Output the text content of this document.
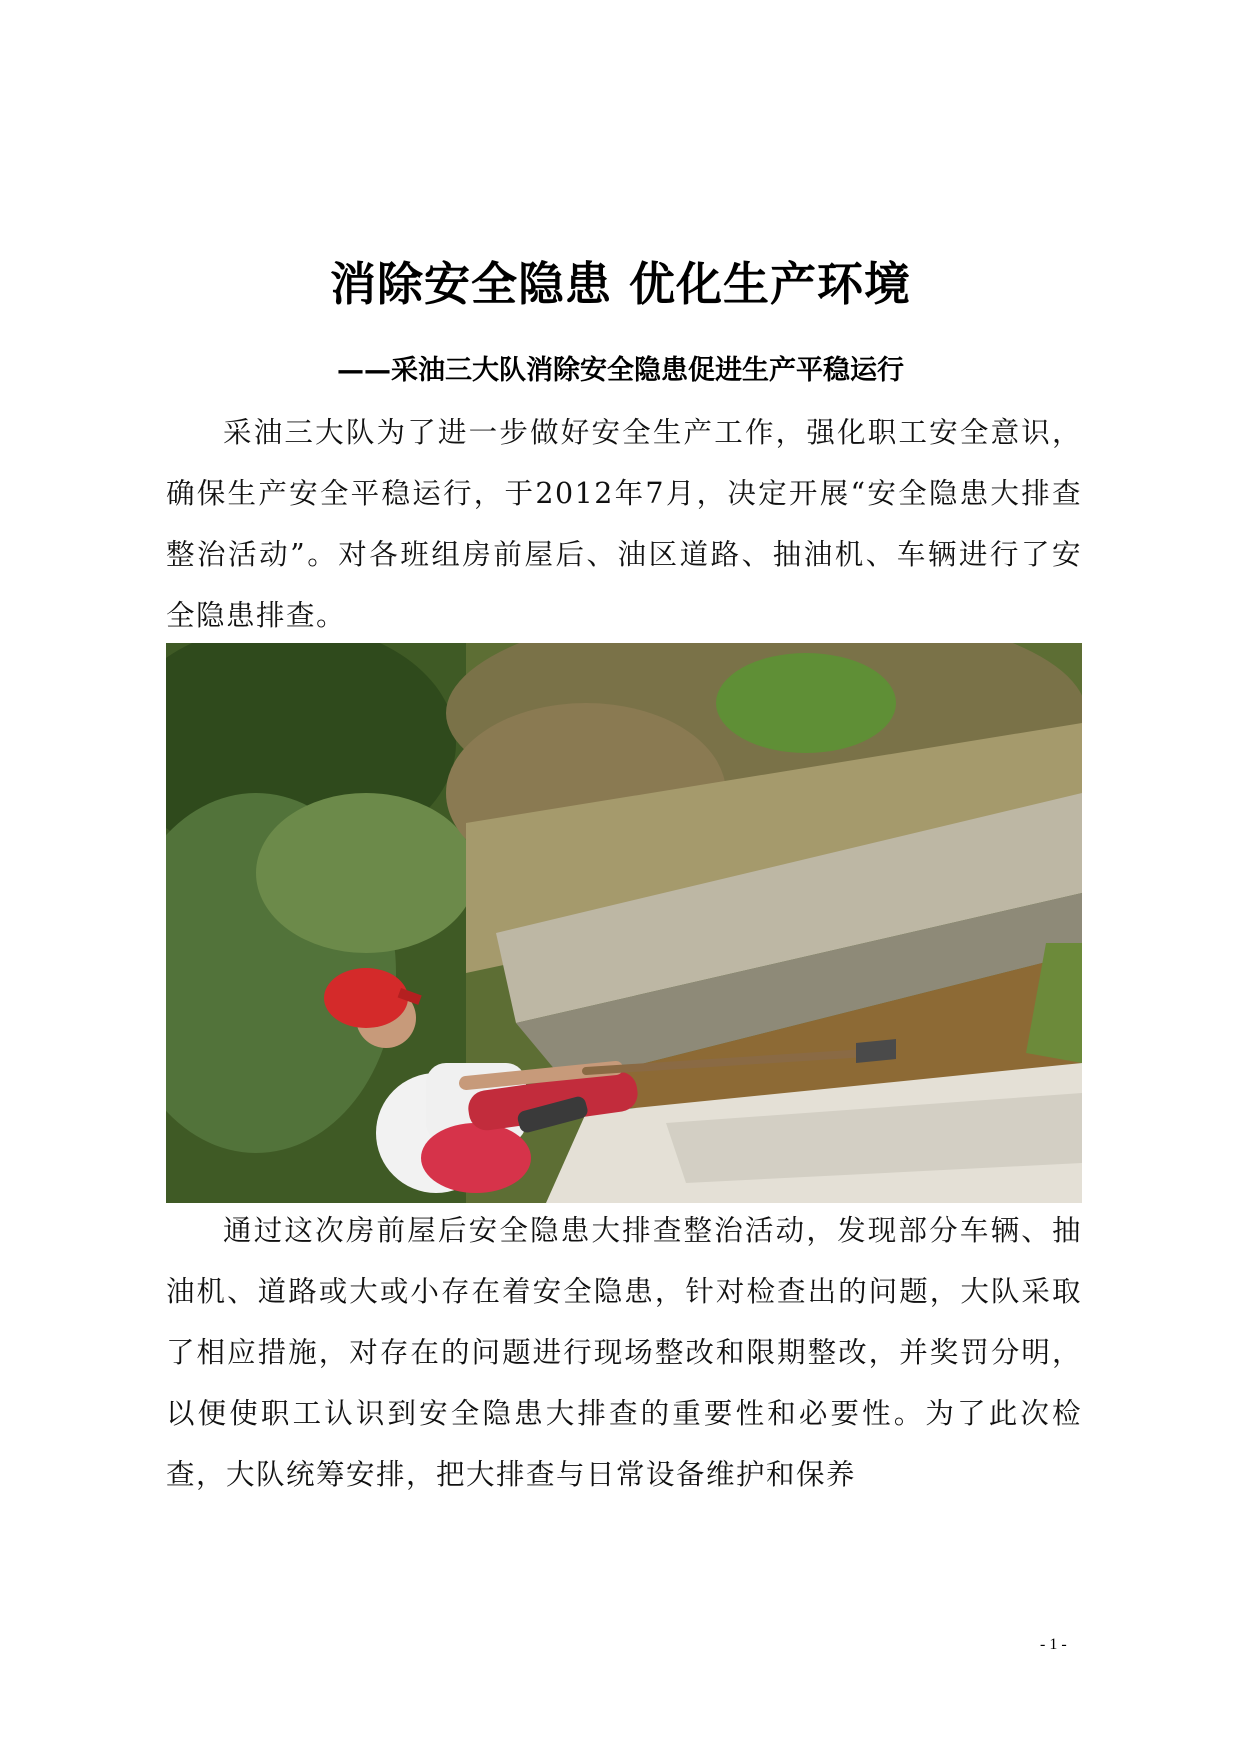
消除安全隐患 优化生产环境
——采油三大队消除安全隐患促进生产平稳运行

采油三大队为了进一步做好安全生产工作，强化职工安全意识，确保生产安全平稳运行，于2012年7月，决定开展“安全隐患大排查整治活动”。对各班组房前屋后、油区道路、抽油机、车辆进行了安全隐患排查。

通过这次房前屋后安全隐患大排查整治活动，发现部分车辆、抽油机、道路或大或小存在着安全隐患，针对检查出的问题，大队采取了相应措施，对存在的问题进行现场整改和限期整改，并奖罚分明，以便使职工认识到安全隐患大排查的重要性和必要性。为了此次检查，大队统筹安排，把大排查与日常设备维护和保养

- 1 -
